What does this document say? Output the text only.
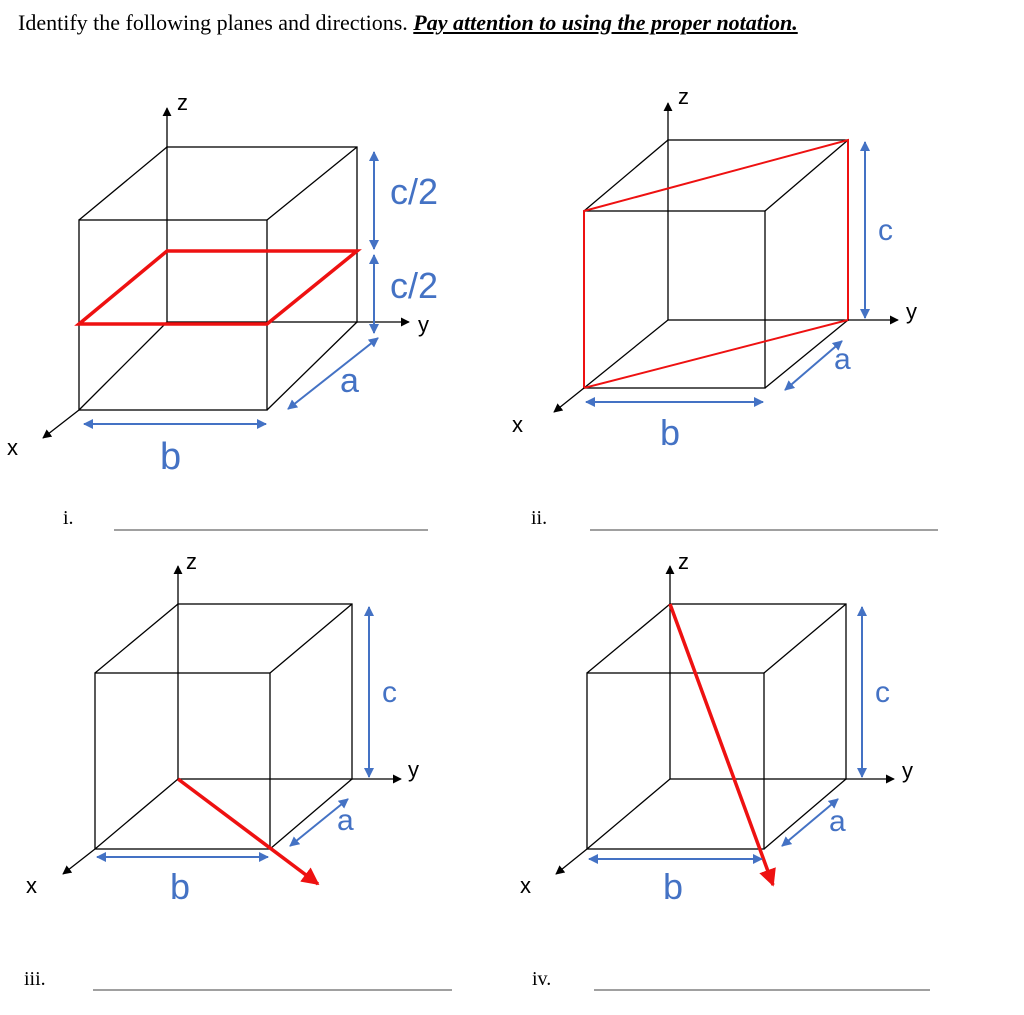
Identify the following planes and directions. Pay attention to using the proper notation.
z
y
x
c/2
c/2
a
b
i.
z
y
x
c
a
b
ii.
z
y
x
c
a
b
iii.
z
y
x
c
a
b
iv.
